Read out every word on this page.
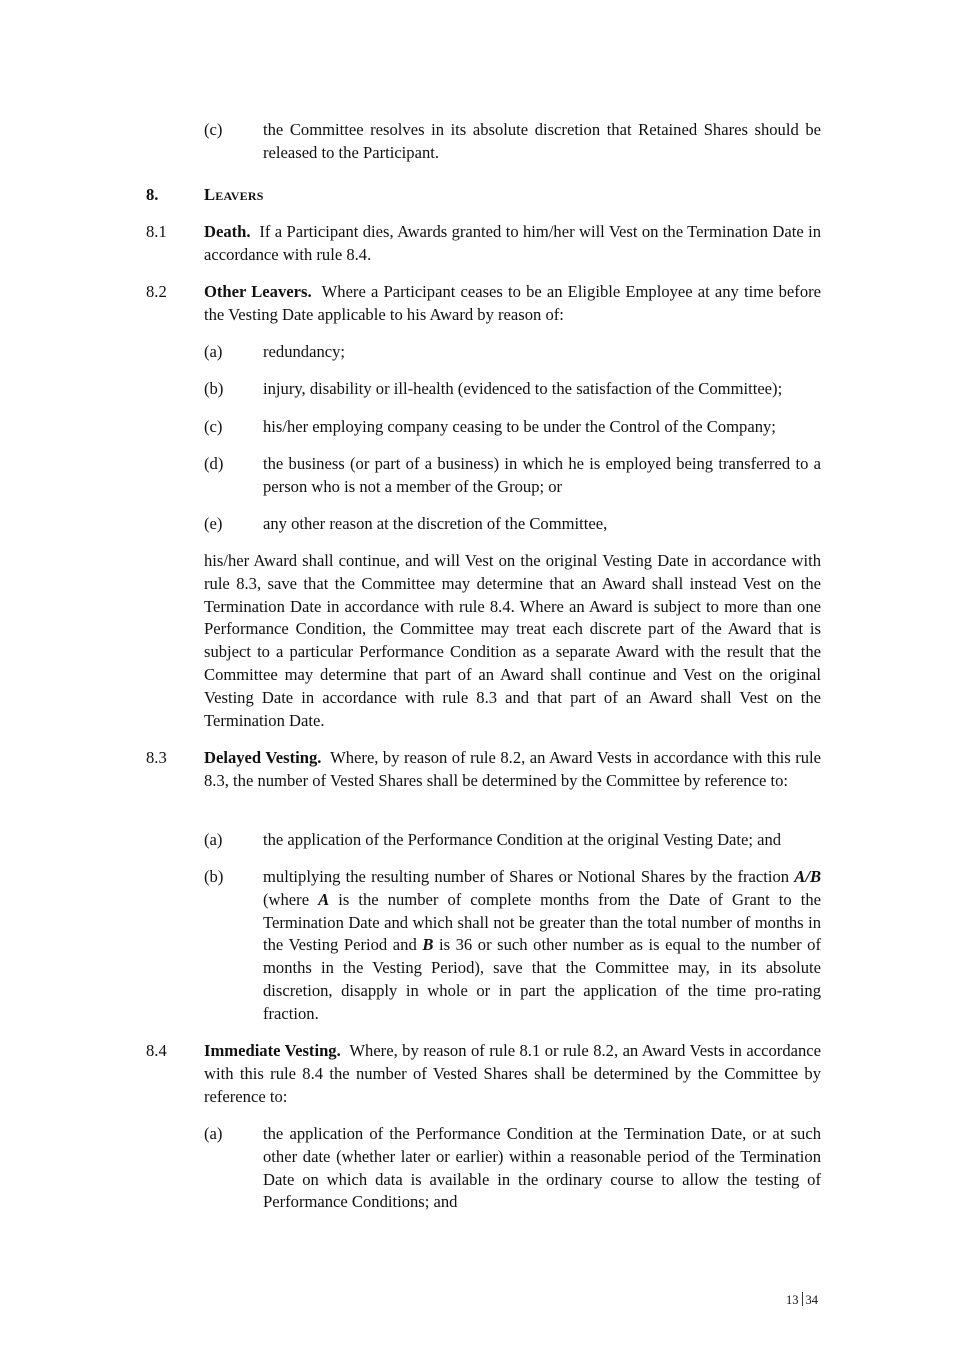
(c) the Committee resolves in its absolute discretion that Retained Shares should be released to the Participant.
8.	Leavers
8.1 Death. If a Participant dies, Awards granted to him/her will Vest on the Termination Date in accordance with rule 8.4.
8.2 Other Leavers. Where a Participant ceases to be an Eligible Employee at any time before the Vesting Date applicable to his Award by reason of:
(a) redundancy;
(b) injury, disability or ill-health (evidenced to the satisfaction of the Committee);
(c) his/her employing company ceasing to be under the Control of the Company;
(d) the business (or part of a business) in which he is employed being transferred to a person who is not a member of the Group; or
(e) any other reason at the discretion of the Committee,
his/her Award shall continue, and will Vest on the original Vesting Date in accordance with rule 8.3, save that the Committee may determine that an Award shall instead Vest on the Termination Date in accordance with rule 8.4. Where an Award is subject to more than one Performance Condition, the Committee may treat each discrete part of the Award that is subject to a particular Performance Condition as a separate Award with the result that the Committee may determine that part of an Award shall continue and Vest on the original Vesting Date in accordance with rule 8.3 and that part of an Award shall Vest on the Termination Date.
8.3 Delayed Vesting. Where, by reason of rule 8.2, an Award Vests in accordance with this rule 8.3, the number of Vested Shares shall be determined by the Committee by reference to:
(a) the application of the Performance Condition at the original Vesting Date; and
(b) multiplying the resulting number of Shares or Notional Shares by the fraction A/B (where A is the number of complete months from the Date of Grant to the Termination Date and which shall not be greater than the total number of months in the Vesting Period and B is 36 or such other number as is equal to the number of months in the Vesting Period), save that the Committee may, in its absolute discretion, disapply in whole or in part the application of the time pro-rating fraction.
8.4 Immediate Vesting. Where, by reason of rule 8.1 or rule 8.2, an Award Vests in accordance with this rule 8.4 the number of Vested Shares shall be determined by the Committee by reference to:
(a) the application of the Performance Condition at the Termination Date, or at such other date (whether later or earlier) within a reasonable period of the Termination Date on which data is available in the ordinary course to allow the testing of Performance Conditions; and
13 34
